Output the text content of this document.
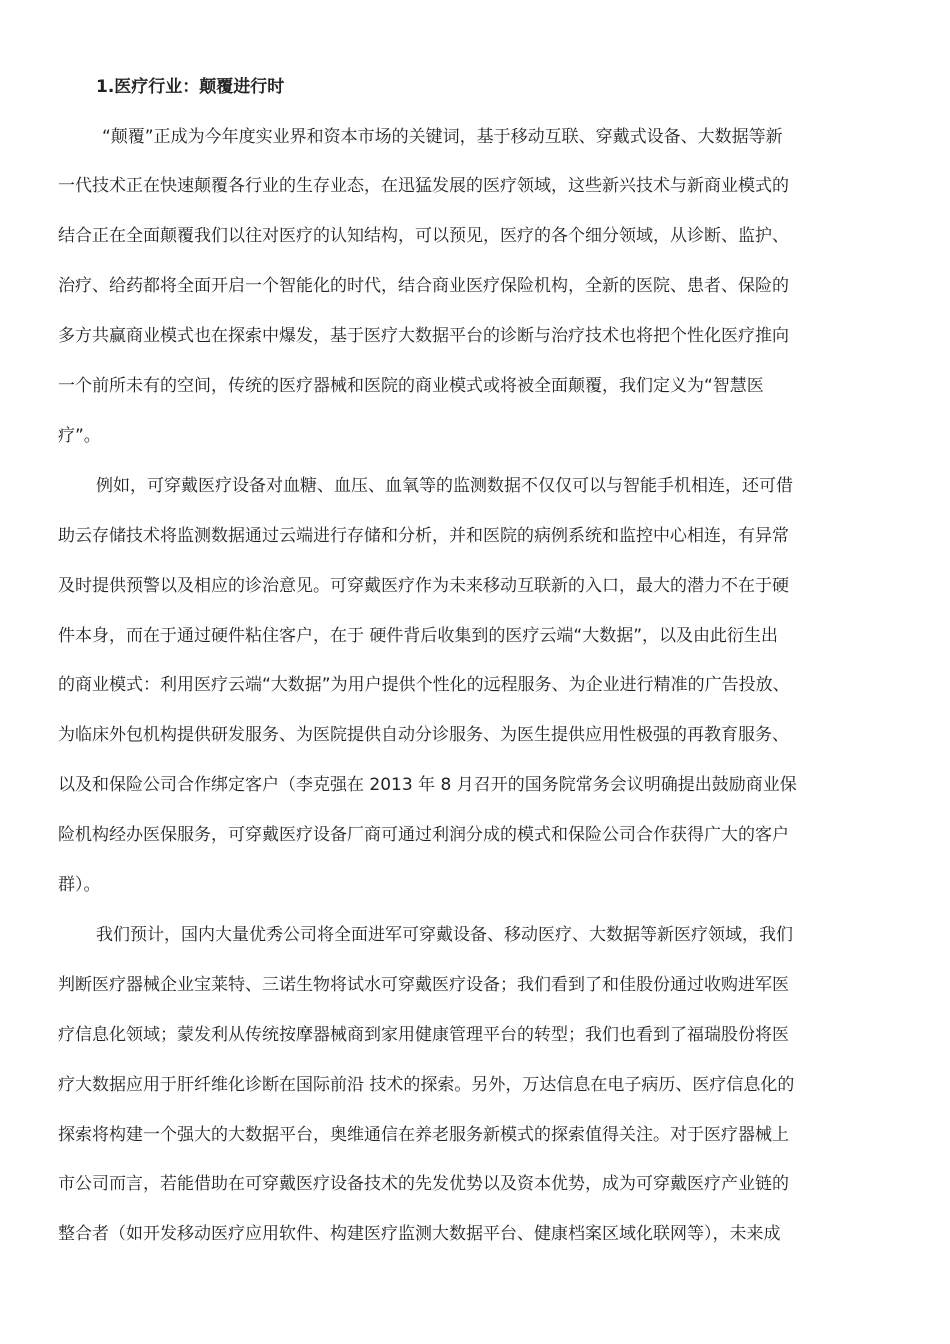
1.医疗行业：颠覆进行时
“颠覆”正成为今年度实业界和资本市场的关键词，基于移动互联、穿戴式设备、大数据等新
一代技术正在快速颠覆各行业的生存业态，在迅猛发展的医疗领域，这些新兴技术与新商业模式的
结合正在全面颠覆我们以往对医疗的认知结构，可以预见，医疗的各个细分领域，从诊断、监护、
治疗、给药都将全面开启一个智能化的时代，结合商业医疗保险机构，全新的医院、患者、保险的
多方共赢商业模式也在探索中爆发，基于医疗大数据平台的诊断与治疗技术也将把个性化医疗推向
一个前所未有的空间，传统的医疗器械和医院的商业模式或将被全面颠覆，我们定义为“智慧医
疗”。
例如，可穿戴医疗设备对血糖、血压、血氧等的监测数据不仅仅可以与智能手机相连，还可借
助云存储技术将监测数据通过云端进行存储和分析，并和医院的病例系统和监控中心相连，有异常
及时提供预警以及相应的诊治意见。可穿戴医疗作为未来移动互联新的入口，最大的潜力不在于硬
件本身，而在于通过硬件粘住客户，在于 硬件背后收集到的医疗云端“大数据”，以及由此衍生出
的商业模式：利用医疗云端“大数据”为用户提供个性化的远程服务、为企业进行精准的广告投放、
为临床外包机构提供研发服务、为医院提供自动分诊服务、为医生提供应用性极强的再教育服务、
以及和保险公司合作绑定客户（李克强在 2013 年 8 月召开的国务院常务会议明确提出鼓励商业保
险机构经办医保服务，可穿戴医疗设备厂商可通过利润分成的模式和保险公司合作获得广大的客户
群）。
我们预计，国内大量优秀公司将全面进军可穿戴设备、移动医疗、大数据等新医疗领域，我们
判断医疗器械企业宝莱特、三诺生物将试水可穿戴医疗设备；我们看到了和佳股份通过收购进军医
疗信息化领域；蒙发利从传统按摩器械商到家用健康管理平台的转型；我们也看到了福瑞股份将医
疗大数据应用于肝纤维化诊断在国际前沿 技术的探索。另外，万达信息在电子病历、医疗信息化的
探索将构建一个强大的大数据平台，奥维通信在养老服务新模式的探索值得关注。对于医疗器械上
市公司而言，若能借助在可穿戴医疗设备技术的先发优势以及资本优势，成为可穿戴医疗产业链的
整合者（如开发移动医疗应用软件、构建医疗监测大数据平台、健康档案区域化联网等），未来成
